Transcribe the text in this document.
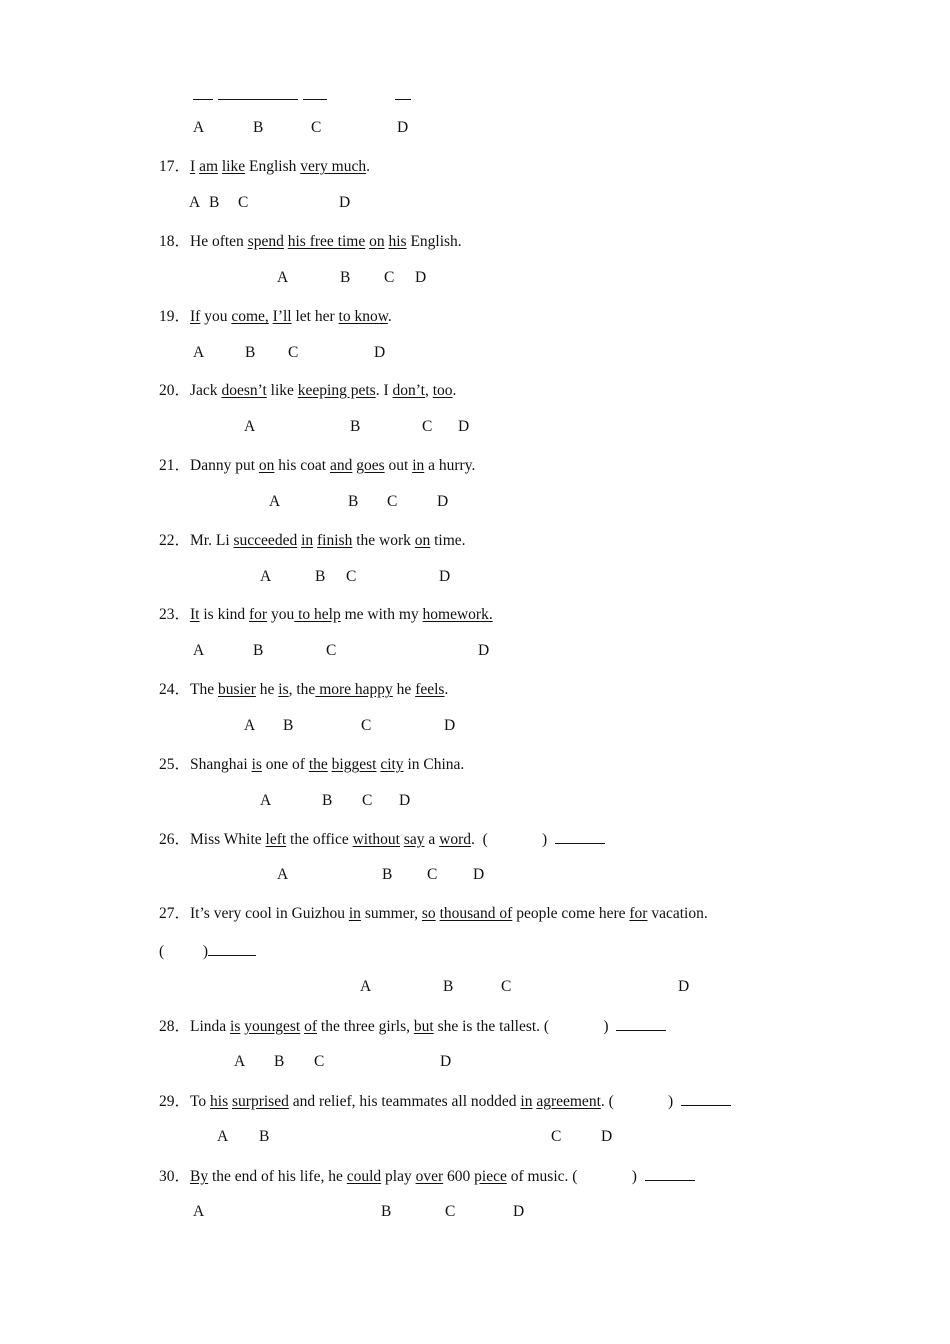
A	B	C	D
17．I am like English very much.
A B C	D
18．He often spend his free time on his English.
A	B C D
19．If you come, I’ll let her to know.
A	B C	D
20．Jack doesn’t like keeping pets. I don’t, too.
A	B	C D
21．Danny put on his coat and goes out in a hurry.
A	B C	D
22．Mr. Li succeeded in finish the work on time.
A	B C	D
23．It is kind for you to help me with my homework.
A	B	C	D
24．The busier he is, the more happy he feels.
A B	C	D
25．Shanghai is one of the biggest city in China.
A	B C D
26．Miss White left the office without say a word.  (              )
A	B C D
27．It’s very cool in Guizhou in summer, so thousand of people come here for vacation.
(          )
A	B	C	D
28．Linda is youngest of the three girls, but she is the tallest. (              )
A B C	D
29．To his surprised and relief, his teammates all nodded in agreement. (              )
A B	C	D
30．By the end of his life, he could play over 600 piece of music. (              )
A	B	C	D
